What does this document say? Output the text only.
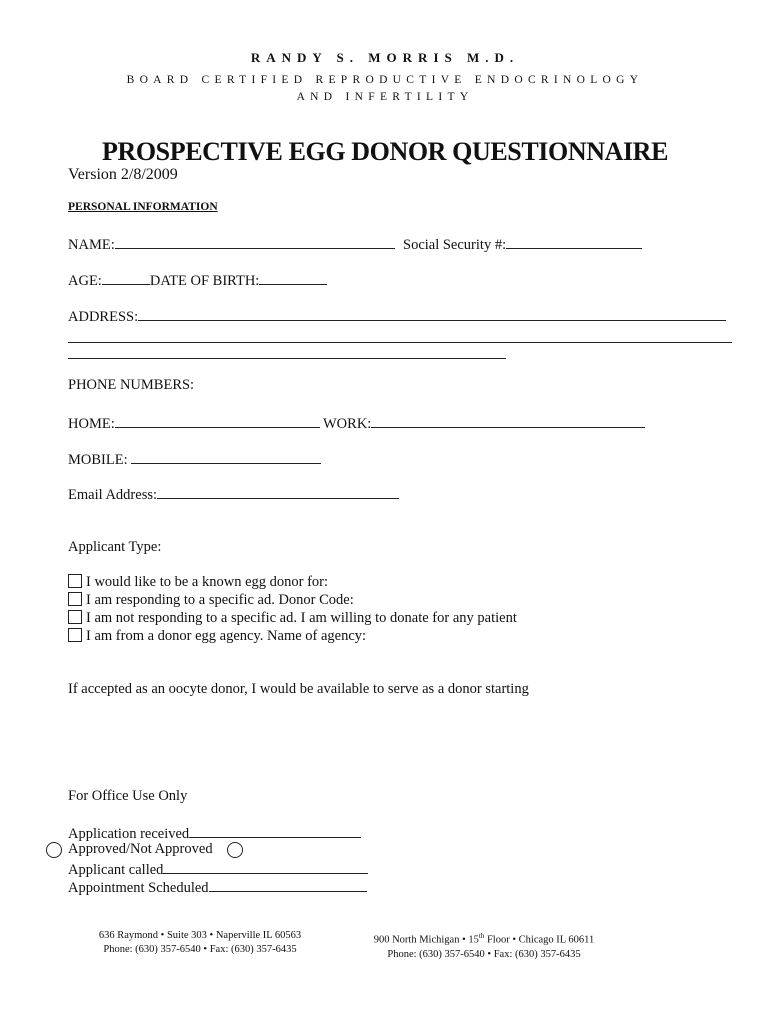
RANDY S. MORRIS M.D.
BOARD CERTIFIED REPRODUCTIVE ENDOCRINOLOGY
AND INFERTILITY
PROSPECTIVE EGG DONOR QUESTIONNAIRE
Version 2/8/2009
PERSONAL INFORMATION
NAME:	Social Security #:
AGE:	DATE OF BIRTH:
ADDRESS:
PHONE NUMBERS:
HOME:	WORK:
MOBILE:
Email Address:
Applicant Type:
I would like to be a known egg donor for:
I am responding to a specific ad. Donor Code:
I am not responding to a specific ad. I am willing to donate for any patient
I am from a donor egg agency. Name of agency:
If accepted as an oocyte donor, I would be available to serve as a donor starting
For Office Use Only
Application received
Approved/Not Approved
Applicant called
Appointment Scheduled
636 Raymond • Suite 303 • Naperville IL 60563
Phone: (630) 357-6540 • Fax: (630) 357-6435
900 North Michigan • 15th Floor • Chicago IL 60611
Phone: (630) 357-6540 • Fax: (630) 357-6435
